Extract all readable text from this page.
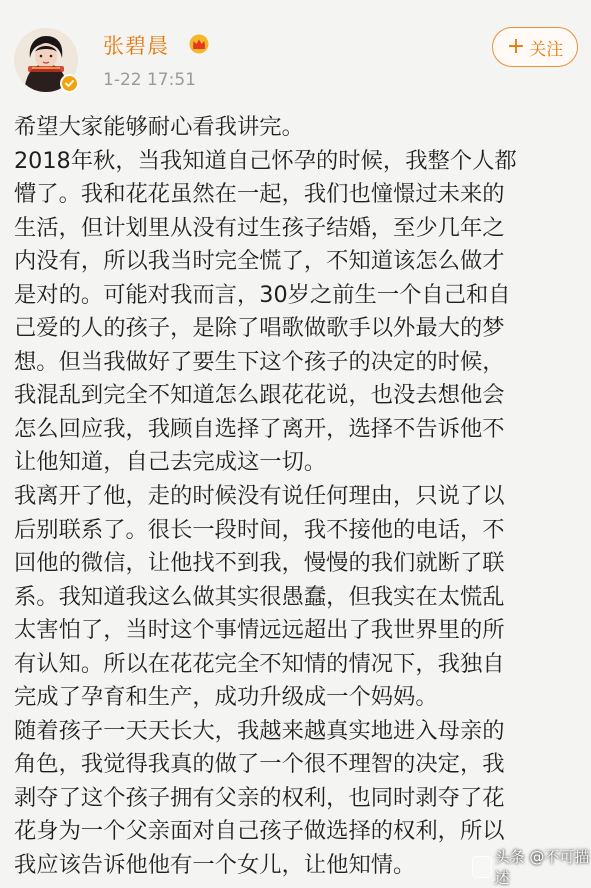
张碧晨
1-22 17:51
+ 关注
希望大家能够耐心看我讲完。
2018年秋，当我知道自己怀孕的时候，我整个人都
懵了。我和花花虽然在一起，我们也憧憬过未来的
生活，但计划里从没有过生孩子结婚，至少几年之
内没有，所以我当时完全慌了，不知道该怎么做才
是对的。可能对我而言，30岁之前生一个自己和自
己爱的人的孩子，是除了唱歌做歌手以外最大的梦
想。但当我做好了要生下这个孩子的决定的时候，
我混乱到完全不知道怎么跟花花说，也没去想他会
怎么回应我，我顾自选择了离开，选择不告诉他不
让他知道，自己去完成这一切。
我离开了他，走的时候没有说任何理由，只说了以
后别联系了。很长一段时间，我不接他的电话，不
回他的微信，让他找不到我，慢慢的我们就断了联
系。我知道我这么做其实很愚蠢，但我实在太慌乱
太害怕了，当时这个事情远远超出了我世界里的所
有认知。所以在花花完全不知情的情况下，我独自
完成了孕育和生产，成功升级成一个妈妈。
随着孩子一天天长大，我越来越真实地进入母亲的
角色，我觉得我真的做了一个很不理智的决定，我
剥夺了这个孩子拥有父亲的权利，也同时剥夺了花
花身为一个父亲面对自己孩子做选择的权利，所以
我应该告诉他他有一个女儿，让他知情。	头条 @不可描述
